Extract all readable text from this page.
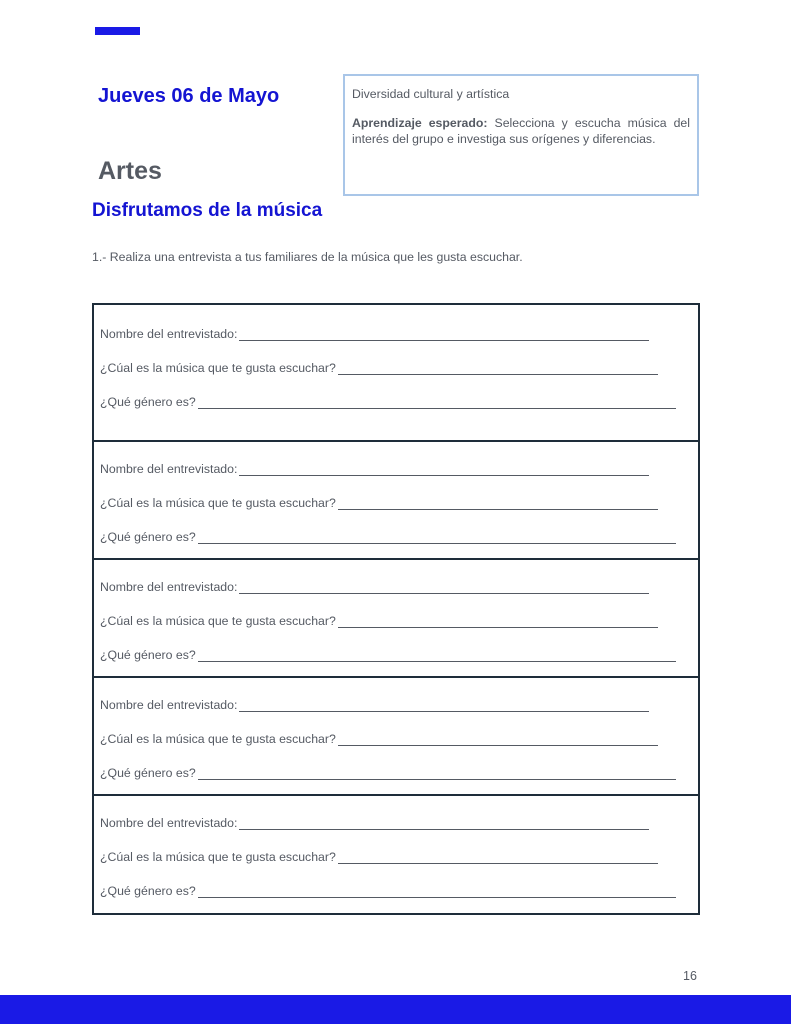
Jueves 06 de Mayo
Artes
Disfrutamos de la música
Diversidad cultural y artística
Aprendizaje esperado: Selecciona y escucha música del interés del grupo e investiga sus orígenes y diferencias.
1.- Realiza una entrevista a tus familiares de la música que les gusta escuchar.
Nombre del entrevistado:
¿Cúal es la música que te gusta escuchar?
¿Qué género es?
Nombre del entrevistado:
¿Cúal es la música que te gusta escuchar?
¿Qué género es?
Nombre del entrevistado:
¿Cúal es la música que te gusta escuchar?
¿Qué género es?
Nombre del entrevistado:
¿Cúal es la música que te gusta escuchar?
¿Qué género es?
Nombre del entrevistado:
¿Cúal es la música que te gusta escuchar?
¿Qué género es?
16
